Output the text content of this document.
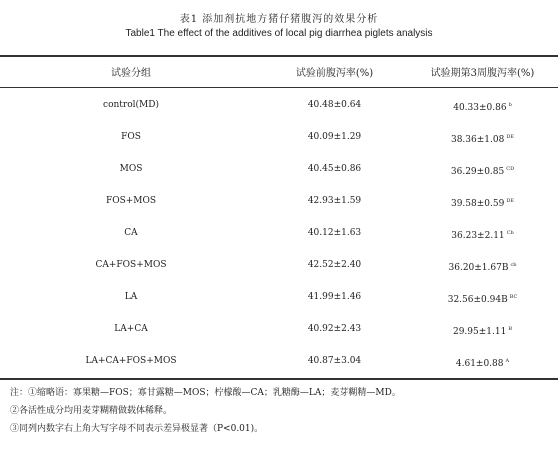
表1 添加剂抗地方猪仔猪腹泻的效果分析
Table1 The effect of the additives of local pig diarrhea piglets analysis
试验分组	试验前腹泻率(%)	试验期第3周腹泻率(%)
control(MD)	40.48±0.64	40.33±0.86 $^b$
FOS	40.09±1.29	38.36±1.08 $^{DE}$
MOS	40.45±0.86	36.29±0.85 $^{CD}$
FOS+MOS	42.93±1.59	39.58±0.59 $^{DE}$
CA	40.12±1.63	36.23±2.11 $^{Cb}$
CA+FOS+MOS	42.52±2.40	36.20±1.67B $^{cb}$
LA	41.99±1.46	32.56±0.94B $^{BC}$
LA+CA	40.92±2.43	29.95±1.11 $^B$
LA+CA+FOS+MOS	40.87±3.04	4.61±0.88 $^A$
注：①缩略语：寡果糖—FOS；寡甘露糖—MOS；柠檬酸—CA；乳糖酶—LA；麦芽糊精—MD。
②各活性成分均用麦芽糊精做载体稀释。
③同列内数字右上角大写字母不同表示差异极显著（P<0.01)。
